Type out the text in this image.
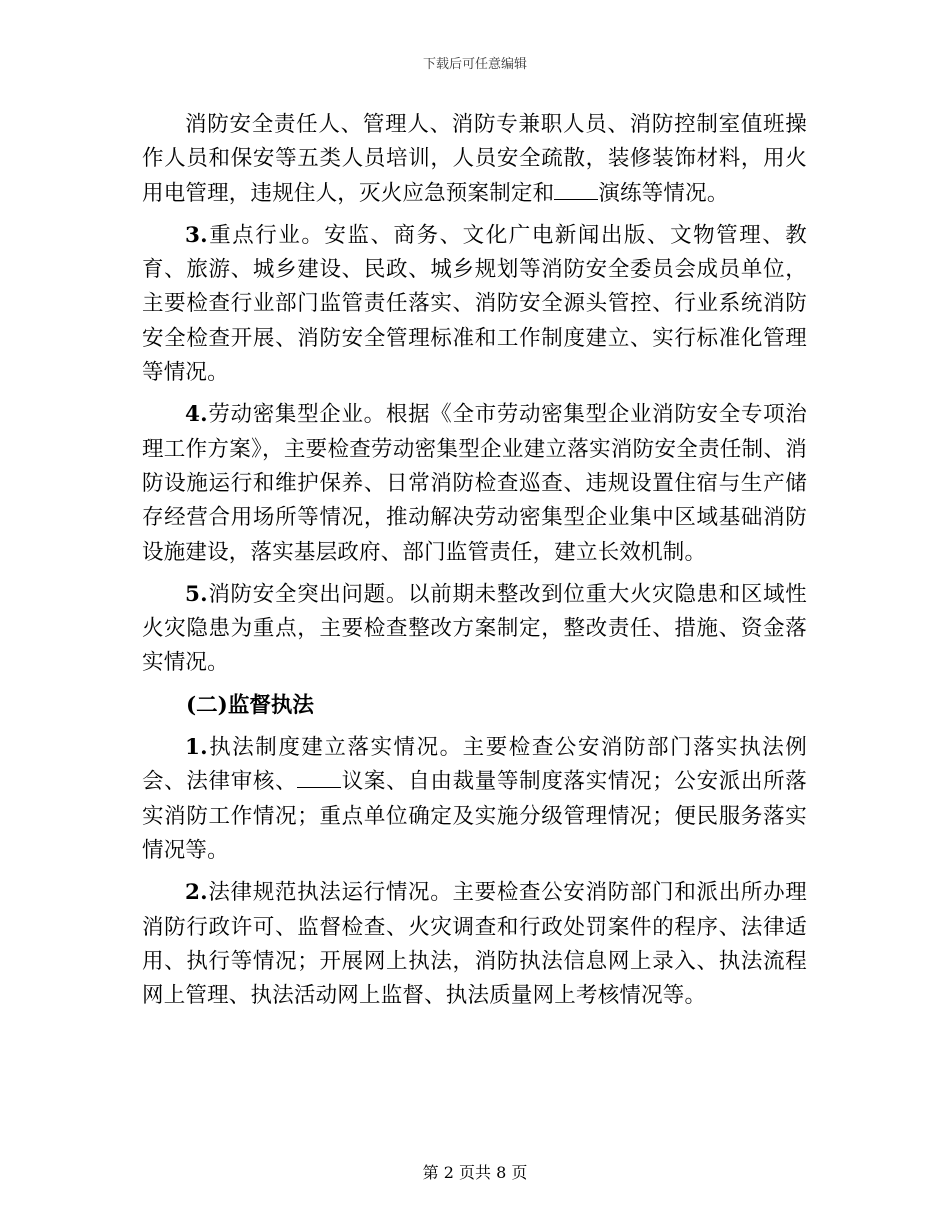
下载后可任意编辑

消防安全责任人、管理人、消防专兼职人员、消防控制室值班操作人员和保安等五类人员培训，人员安全疏散，装修装饰材料，用火用电管理，违规住人，灭火应急预案制定和 演练等情况。

3.重点行业。安监、商务、文化广电新闻出版、文物管理、教育、旅游、城乡建设、民政、城乡规划等消防安全委员会成员单位，主要检查行业部门监管责任落实、消防安全源头管控、行业系统消防安全检查开展、消防安全管理标准和工作制度建立、实行标准化管理等情况。

4.劳动密集型企业。根据《全市劳动密集型企业消防安全专项治理工作方案》，主要检查劳动密集型企业建立落实消防安全责任制、消防设施运行和维护保养、日常消防检查巡查、违规设置住宿与生产储存经营合用场所等情况，推动解决劳动密集型企业集中区域基础消防设施建设，落实基层政府、部门监管责任，建立长效机制。

5.消防安全突出问题。以前期未整改到位重大火灾隐患和区域性火灾隐患为重点，主要检查整改方案制定，整改责任、措施、资金落实情况。

(二)监督执法

1.执法制度建立落实情况。主要检查公安消防部门落实执法例会、法律审核、 议案、自由裁量等制度落实情况；公安派出所落实消防工作情况；重点单位确定及实施分级管理情况；便民服务落实情况等。

2.法律规范执法运行情况。主要检查公安消防部门和派出所办理消防行政许可、监督检查、火灾调查和行政处罚案件的程序、法律适用、执行等情况；开展网上执法，消防执法信息网上录入、执法流程网上管理、执法活动网上监督、执法质量网上考核情况等。

第 2 页共 8 页
